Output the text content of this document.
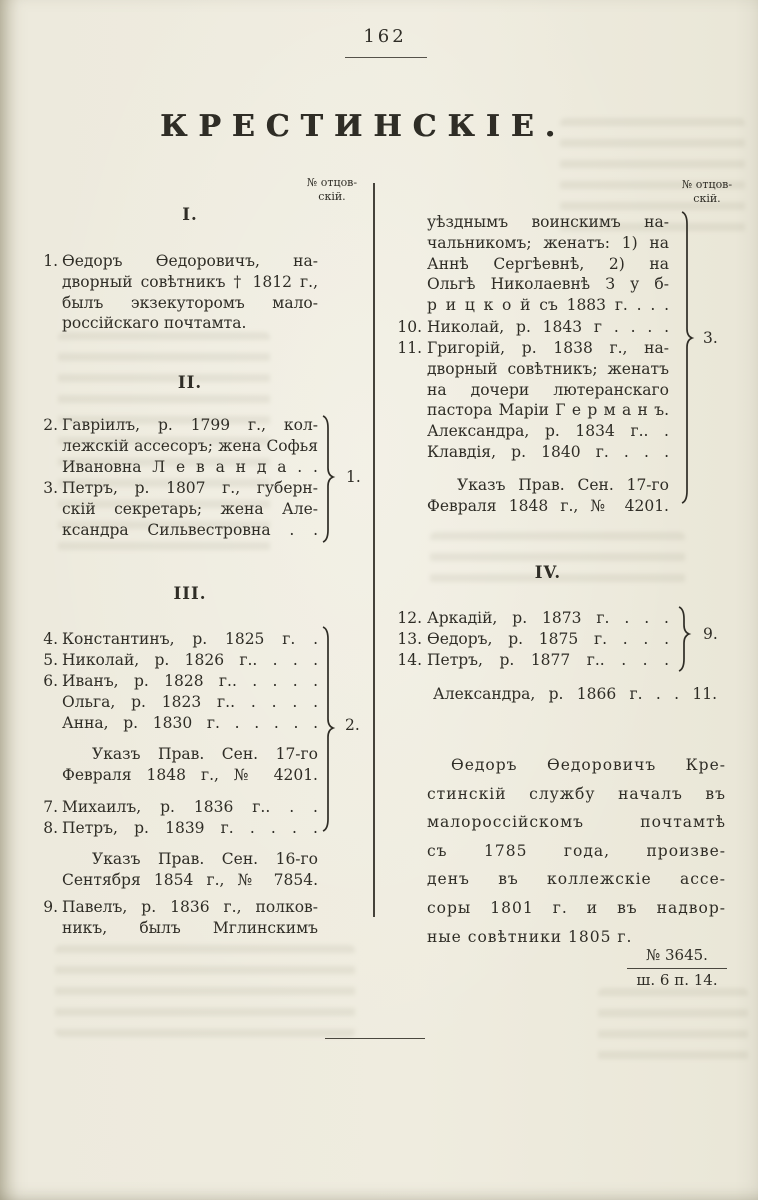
162
КРЕСТИНСКІЕ.
№ отцов-
скій.
№ отцов-
скій.
I.
1. Ѳедоръ Ѳедоровичъ, на-
дворный совѣтникъ † 1812 г.,
былъ экзекуторомъ мало-
россійскаго почтамта.
II.
2. Гавріилъ, р. 1799 г., кол-
лежскій ассесоръ; жена Софья
Ивановна Л е в а н д а . .
3. Петръ, р. 1807 г., губерн-
скій секретарь; жена Але-
ксандра Сильвестровна . .
III.
4. Константинъ, р. 1825 г. .
5. Николай, р. 1826 г.. . . .
6. Иванъ, р. 1828 г.. . . . .
Ольга, р. 1823 г.. . . . .
Анна, р. 1830 г. . . . . .
Указъ Прав. Сен. 17-го
Февраля 1848 г., № 4201.
7. Михаилъ, р. 1836 г.. . .
8. Петръ, р. 1839 г. . . . .
Указъ Прав. Сен. 16-го
Сентября 1854 г., № 7854.
9. Павелъ, р. 1836 г., полков-
никъ, былъ Мглинскимъ
уѣзднымъ воинскимъ на-
чальникомъ; женатъ: 1) на
Аннѣ Сергѣевнѣ, 2) на
Ольгѣ Николаевнѣ З у б-
р и ц к о й съ 1883 г. . . .
10. Николай, р. 1843 г . . . .
11. Григорій, р. 1838 г., на-
дворный совѣтникъ; женатъ
на дочери лютеранскаго
пастора Маріи Г е р м а н ъ.
Александра, р. 1834 г.. .
Клавдія, р. 1840 г. . . .
Указъ Прав. Сен. 17-го
Февраля 1848 г., № 4201.
IV.
12. Аркадій, р. 1873 г. . . .
13. Ѳедоръ, р. 1875 г. . . .
14. Петръ, р. 1877 г.. . . .
Александра, р. 1866 г. . . 11.
Ѳедоръ Ѳедоровичъ Кре-
стинскій службу началъ въ
малороссійскомъ почтамтѣ
съ 1785 года, произве-
денъ въ коллежскіе ассе-
соры 1801 г. и въ надвор-
ные совѣтники 1805 г.
№ 3645.
ш. 6 п. 14.
1.
2.
3.
9.
